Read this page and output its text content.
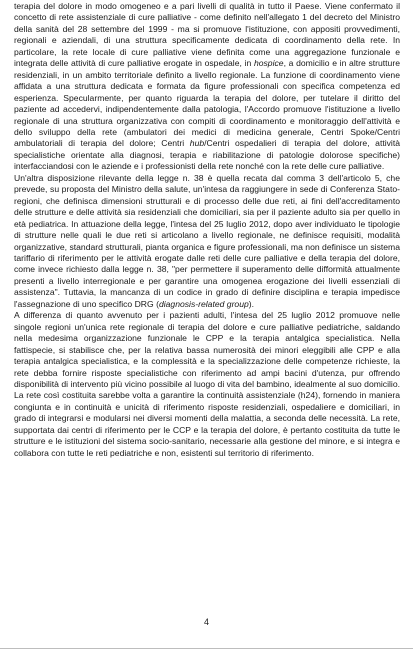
terapia del dolore in modo omogeneo e a pari livelli di qualità in tutto il Paese. Viene confermato il concetto di rete assistenziale di cure palliative - come definito nell'allegato 1 del decreto del Ministro della sanità del 28 settembre del 1999 - ma si promuove l'istituzione, con appositi provvedimenti, regionali e aziendali, di una struttura specificamente dedicata di coordinamento della rete. In particolare, la rete locale di cure palliative viene definita come una aggregazione funzionale e integrata delle attività di cure palliative erogate in ospedale, in hospice, a domicilio e in altre strutture residenziali, in un ambito territoriale definito a livello regionale. La funzione di coordinamento viene affidata a una struttura dedicata e formata da figure professionali con specifica competenza ed esperienza. Specularmente, per quanto riguarda la terapia del dolore, per tutelare il diritto del paziente ad accedervi, indipendentemente dalla patologia, l'Accordo promuove l'istituzione a livello regionale di una struttura organizzativa con compiti di coordinamento e monitoraggio dell'attività e dello sviluppo della rete (ambulatori dei medici di medicina generale, Centri Spoke/Centri ambulatoriali di terapia del dolore; Centri hub/Centri ospedalieri di terapia del dolore, attività specialistiche orientate alla diagnosi, terapia e riabilitazione di patologie dolorose specifiche) interfacciandosi con le aziende e i professionisti della rete nonché con la rete delle cure palliative.

Un'altra disposizione rilevante della legge n. 38 è quella recata dal comma 3 dell'articolo 5, che prevede, su proposta del Ministro della salute, un'intesa da raggiungere in sede di Conferenza Stato-regioni, che definisca dimensioni strutturali e di processo delle due reti, ai fini dell'accreditamento delle strutture e delle attività sia residenziali che domiciliari, sia per il paziente adulto sia per quello in età pediatrica. In attuazione della legge, l'intesa del 25 luglio 2012, dopo aver individuato le tipologie di strutture nelle quali le due reti si articolano a livello regionale, ne definisce requisiti, modalità organizzative, standard strutturali, pianta organica e figure professionali, ma non definisce un sistema tariffario di riferimento per le attività erogate dalle reti delle cure palliative e della terapia del dolore, come invece richiesto dalla legge n. 38, "per permettere il superamento delle difformità attualmente presenti a livello interregionale e per garantire una omogenea erogazione dei livelli essenziali di assistenza". Tuttavia, la mancanza di un codice in grado di definire disciplina e terapia impedisce l'assegnazione di uno specifico DRG (diagnosis-related group).

A differenza di quanto avvenuto per i pazienti adulti, l'intesa del 25 luglio 2012 promuove nelle singole regioni un'unica rete regionale di terapia del dolore e cure palliative pediatriche, saldando nella medesima organizzazione funzionale le CPP e la terapia antalgica specialistica. Nella fattispecie, si stabilisce che, per la relativa bassa numerosità dei minori eleggibili alle CPP e alla terapia antalgica specialistica, e la complessità e la specializzazione delle competenze richieste, la rete debba fornire risposte specialistiche con riferimento ad ampi bacini d'utenza, pur offrendo disponibilità di intervento più vicino possibile al luogo di vita del bambino, idealmente al suo domicilio. La rete così costituita sarebbe volta a garantire la continuità assistenziale (h24), fornendo in maniera congiunta e in continuità e unicità di riferimento risposte residenziali, ospedaliere e domiciliari, in grado di integrarsi e modularsi nei diversi momenti della malattia, a seconda delle necessità. La rete, supportata dai centri di riferimento per le CCP e la terapia del dolore, è pertanto costituita da tutte le strutture e le istituzioni del sistema socio-sanitario, necessarie alla gestione del minore, e si integra e collabora con tutte le reti pediatriche e non, esistenti sul territorio di riferimento.

4
